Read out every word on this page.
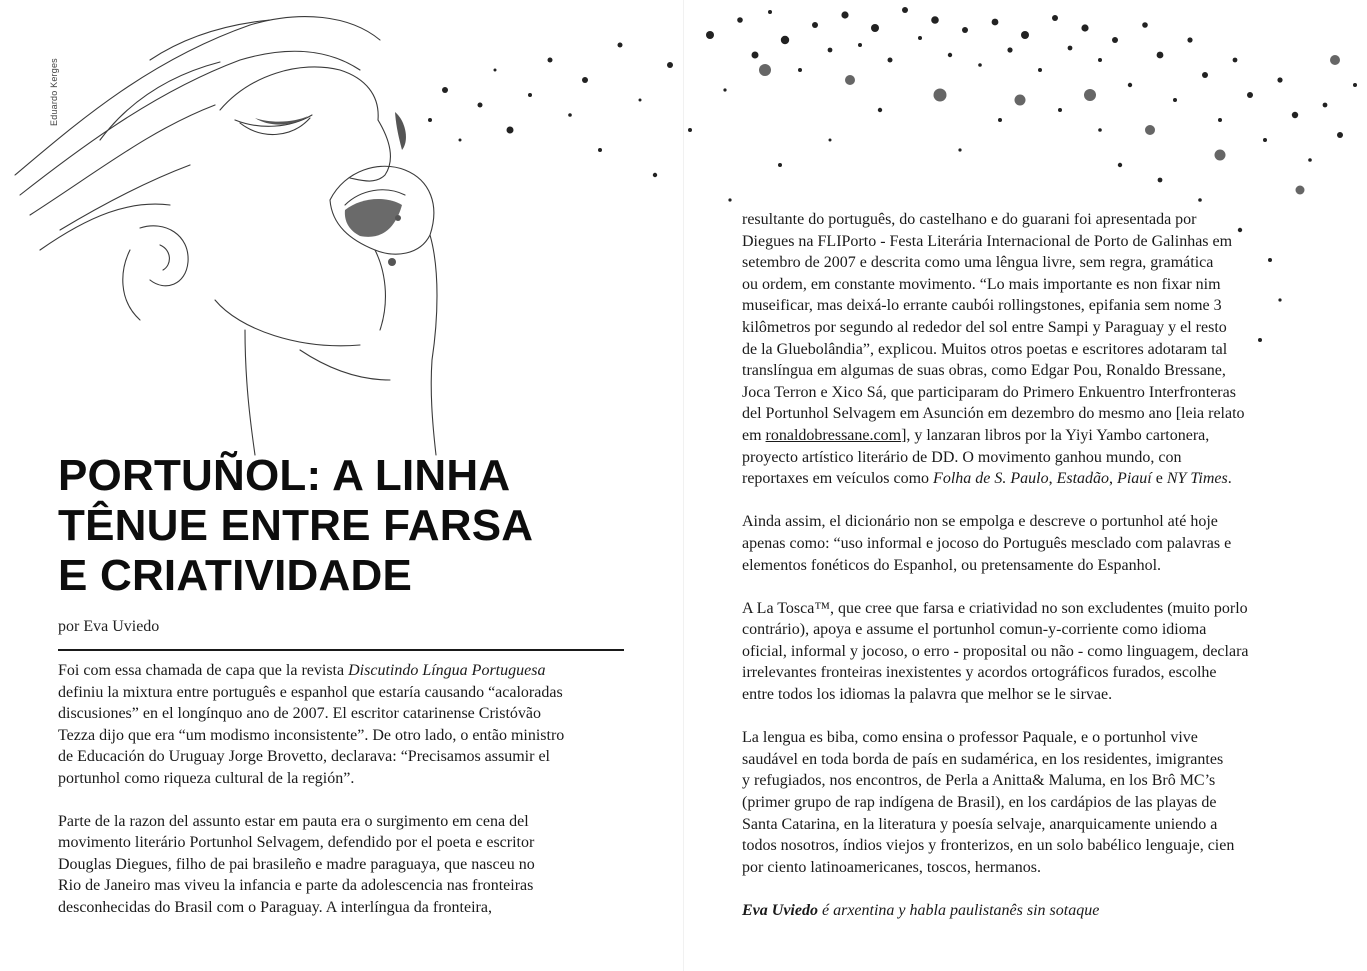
Eduardo Kerges
PORTUÑOL: A LINHA
TÊNUE ENTRE FARSA
E CRIATIVIDADE
por Eva Uviedo

Foi com essa chamada de capa que la revista Discutindo Língua Portuguesa
definiu la mixtura entre português e espanhol que estaría causando “acaloradas
discusiones” en el longínquo ano de 2007. El escritor catarinense Cristóvão
Tezza dijo que era “um modismo inconsistente”. De otro lado, o então ministro
de Educación do Uruguay Jorge Brovetto, declarava: “Precisamos assumir el
portunhol como riqueza cultural de la región”.

Parte de la razon del assunto estar em pauta era o surgimento em cena del
movimento literário Portunhol Selvagem, defendido por el poeta e escritor
Douglas Diegues, filho de pai brasileño e madre paraguaya, que nasceu no
Rio de Janeiro mas viveu la infancia e parte da adolescencia nas fronteiras
desconhecidas do Brasil com o Paraguay. A interlíngua da fronteira,

resultante do português, do castelhano e do guarani foi apresentada por
Diegues na FLIPorto - Festa Literária Internacional de Porto de Galinhas em
setembro de 2007 e descrita como uma lêngua livre, sem regra, gramática
ou ordem, em constante movimento. “Lo mais importante es non fixar nim
museificar, mas deixá-lo errante caubói rollingstones, epifania sem nome 3
kilômetros por segundo al rededor del sol entre Sampi y Paraguay y el resto
de la Gluebolândia”, explicou. Muitos otros poetas e escritores adotaram tal
translíngua em algumas de suas obras, como Edgar Pou, Ronaldo Bressane,
Joca Terron e Xico Sá, que participaram do Primero Enkuentro Interfronteras
del Portunhol Selvagem em Asunción em dezembro do mesmo ano [leia relato
em ronaldobressane.com], y lanzaran libros por la Yiyi Yambo cartonera,
proyecto artístico literário de DD. O movimento ganhou mundo, con
reportaxes em veículos como Folha de S. Paulo, Estadão, Piauí e NY Times.

Ainda assim, el dicionário non se empolga e descreve o portunhol até hoje
apenas como: “uso informal e jocoso do Português mesclado com palavras e
elementos fonéticos do Espanhol, ou pretensamente do Espanhol.

A La Tosca™, que cree que farsa e criatividad no son excludentes (muito porlo
contrário), apoya e assume el portunhol comun-y-corriente como idioma
oficial, informal y jocoso, o erro - proposital ou não - como linguagem, declara
irrelevantes fronteiras inexistentes y acordos ortográficos furados, escolhe
entre todos los idiomas la palavra que melhor se le sirvae.

La lengua es biba, como ensina o professor Paquale, e o portunhol vive
saudável en toda borda de país en sudamérica, en los residentes, imigrantes
y refugiados, nos encontros, de Perla a Anitta& Maluma, en los Brô MC’s
(primer grupo de rap indígena de Brasil), en los cardápios de las playas de
Santa Catarina, en la literatura y poesía selvaje, anarquicamente uniendo a
todos nosotros, índios viejos y fronterizos, en un solo babélico lenguaje, cien
por ciento latinoamericanes, toscos, hermanos.

Eva Uviedo é arxentina y habla paulistanês sin sotaque
